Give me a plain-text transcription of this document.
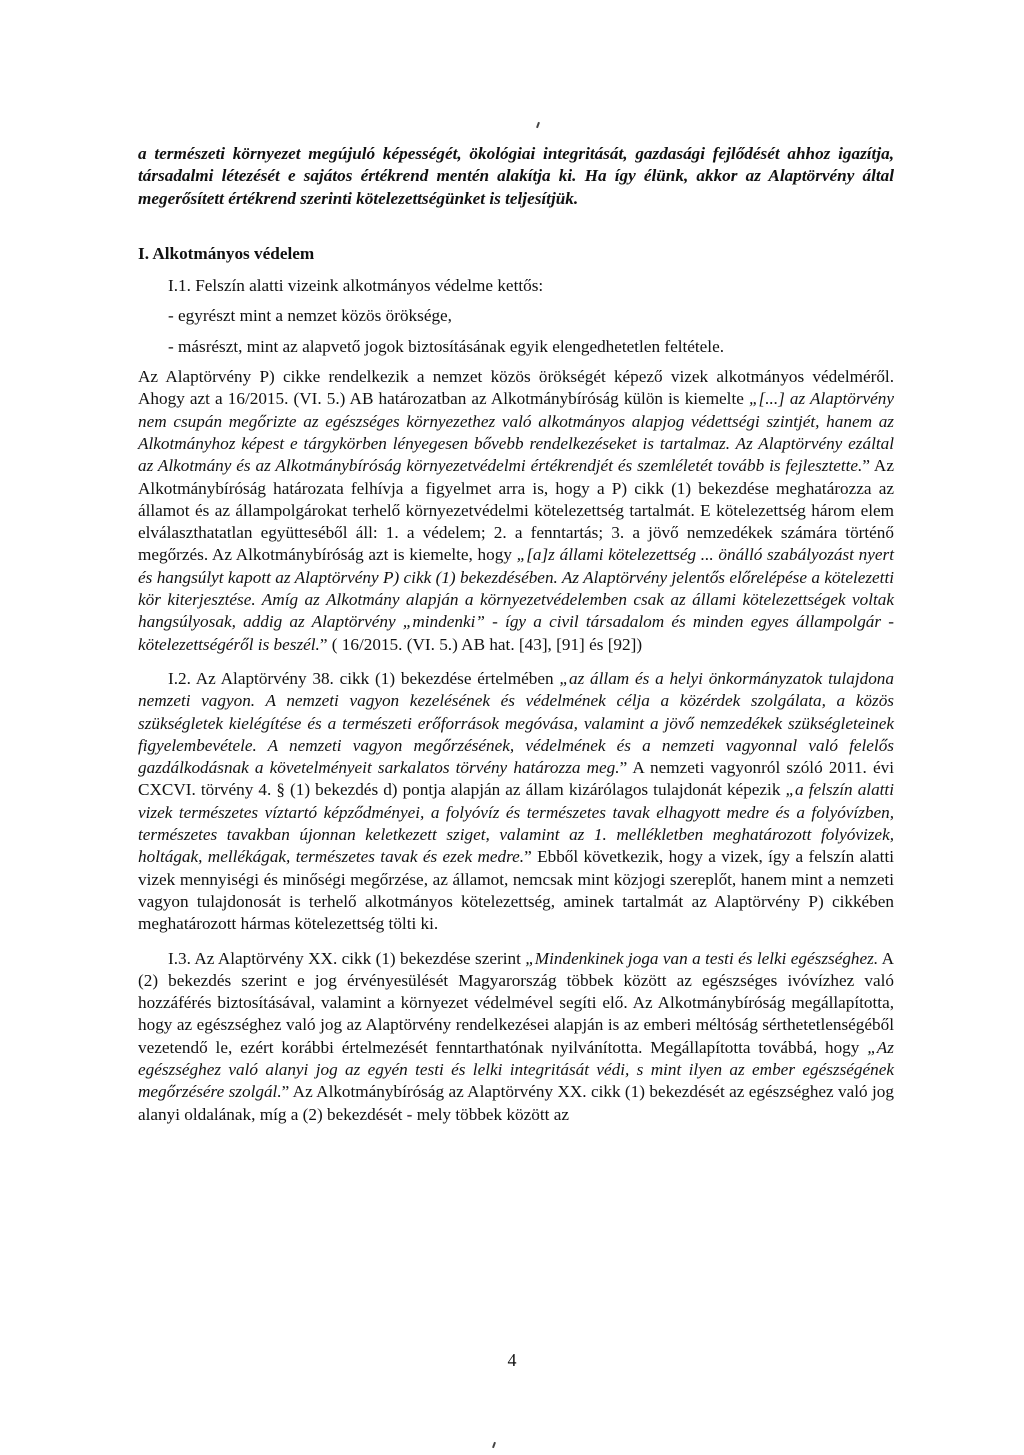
a természeti környezet megújuló képességét, ökológiai integritását, gazdasági fejlődését ahhoz igazítja, társadalmi létezését e sajátos értékrend mentén alakítja ki. Ha így élünk, akkor az Alaptörvény által megerősített értékrend szerinti kötelezettségünket is teljesítjük.

I. Alkotmányos védelem

I.1. Felszín alatti vizeink alkotmányos védelme kettős:

- egyrészt mint a nemzet közös öröksége,

- másrészt, mint az alapvető jogok biztosításának egyik elengedhetetlen feltétele.

Az Alaptörvény P) cikke rendelkezik a nemzet közös örökségét képező vizek alkotmányos védelméről. Ahogy azt a 16/2015. (VI. 5.) AB határozatban az Alkotmánybíróság külön is kiemelte „[...] az Alaptörvény nem csupán megőrizte az egészséges környezethez való alkotmányos alapjog védettségi szintjét, hanem az Alkotmányhoz képest e tárgykörben lényegesen bővebb rendelkezéseket is tartalmaz. Az Alaptörvény ezáltal az Alkotmány és az Alkotmánybíróság környezetvédelmi értékrendjét és szemléletét tovább is fejlesztette.” Az Alkotmánybíróság határozata felhívja a figyelmet arra is, hogy a P) cikk (1) bekezdése meghatározza az államot és az állampolgárokat terhelő környezetvédelmi kötelezettség tartalmát. E kötelezettség három elem elválaszthatatlan együtteséből áll: 1. a védelem; 2. a fenntartás; 3. a jövő nemzedékek számára történő megőrzés. Az Alkotmánybíróság azt is kiemelte, hogy „[a]z állami kötelezettség ... önálló szabályozást nyert és hangsúlyt kapott az Alaptörvény P) cikk (1) bekezdésében. Az Alaptörvény jelentős előrelépése a kötelezetti kör kiterjesztése. Amíg az Alkotmány alapján a környezetvédelemben csak az állami kötelezettségek voltak hangsúlyosak, addig az Alaptörvény „mindenki” - így a civil társadalom és minden egyes állampolgár - kötelezettségéről is beszél.” ( 16/2015. (VI. 5.) AB hat. [43], [91] és [92])

I.2. Az Alaptörvény 38. cikk (1) bekezdése értelmében „az állam és a helyi önkormányzatok tulajdona nemzeti vagyon. A nemzeti vagyon kezelésének és védelmének célja a közérdek szolgálata, a közös szükségletek kielégítése és a természeti erőforrások megóvása, valamint a jövő nemzedékek szükségleteinek figyelembevétele. A nemzeti vagyon megőrzésének, védelmének és a nemzeti vagyonnal való felelős gazdálkodásnak a követelményeit sarkalatos törvény határozza meg.” A nemzeti vagyonról szóló 2011. évi CXCVI. törvény 4. § (1) bekezdés d) pontja alapján az állam kizárólagos tulajdonát képezik „a felszín alatti vizek természetes víztartó képződményei, a folyóvíz és természetes tavak elhagyott medre és a folyóvízben, természetes tavakban újonnan keletkezett sziget, valamint az 1. mellékletben meghatározott folyóvizek, holtágak, mellékágak, természetes tavak és ezek medre.” Ebből következik, hogy a vizek, így a felszín alatti vizek mennyiségi és minőségi megőrzése, az államot, nemcsak mint közjogi szereplőt, hanem mint a nemzeti vagyon tulajdonosát is terhelő alkotmányos kötelezettség, aminek tartalmát az Alaptörvény P) cikkében meghatározott hármas kötelezettség tölti ki.

I.3. Az Alaptörvény XX. cikk (1) bekezdése szerint „Mindenkinek joga van a testi és lelki egészséghez. A (2) bekezdés szerint e jog érvényesülését Magyarország többek között az egészséges ivóvízhez való hozzáférés biztosításával, valamint a környezet védelmével segíti elő. Az Alkotmánybíróság megállapította, hogy az egészséghez való jog az Alaptörvény rendelkezései alapján is az emberi méltóság sérthetetlenségéből vezetendő le, ezért korábbi értelmezését fenntarthatónak nyilvánította. Megállapította továbbá, hogy „Az egészséghez való alanyi jog az egyén testi és lelki integritását védi, s mint ilyen az ember egészségének megőrzésére szolgál.” Az Alkotmánybíróság az Alaptörvény XX. cikk (1) bekezdését az egészséghez való jog alanyi oldalának, míg a (2) bekezdését - mely többek között az

4
